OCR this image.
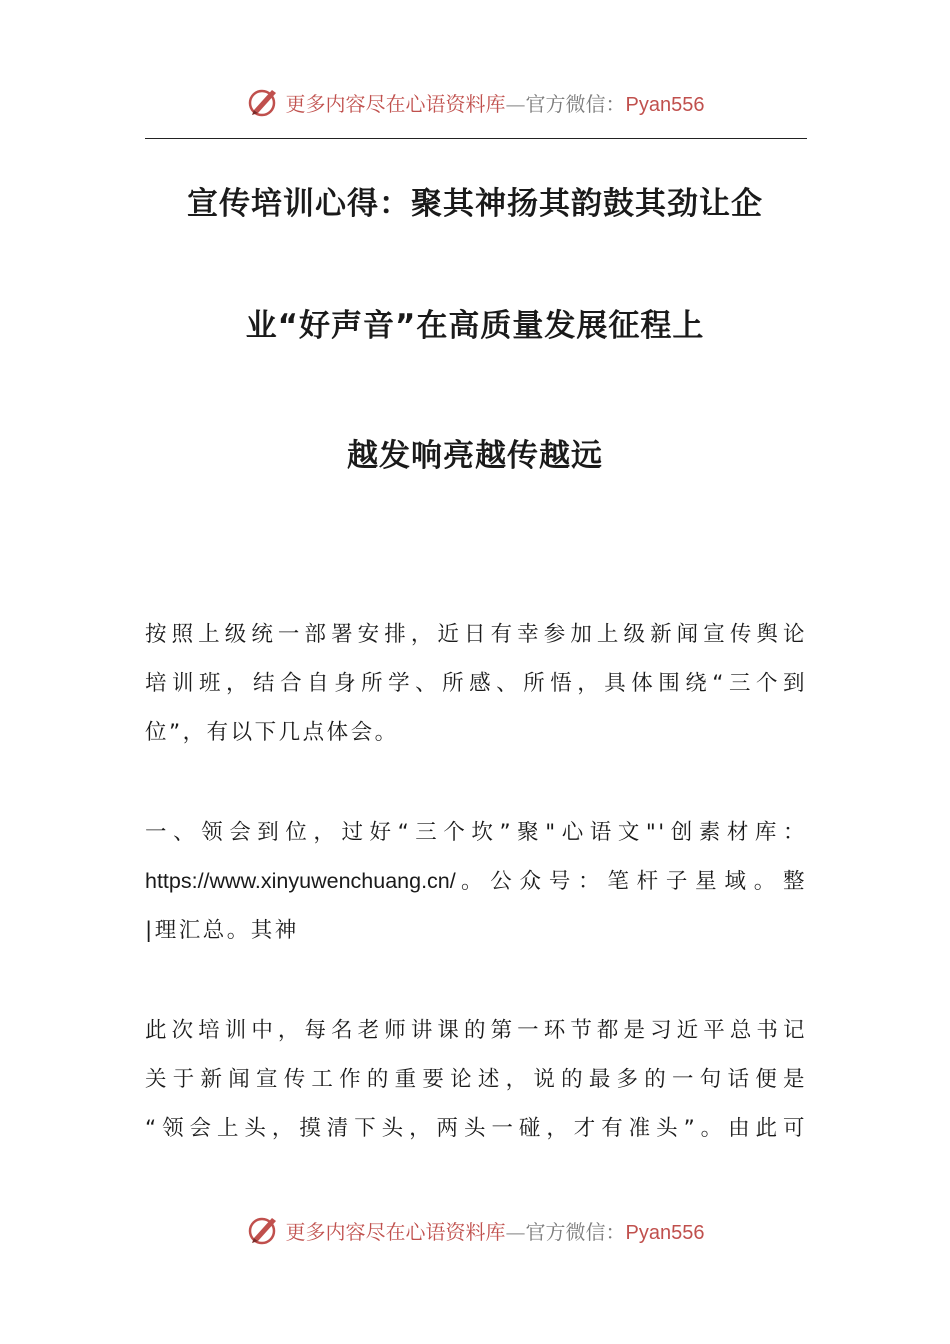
更多内容尽在心语资料库—官方微信：Pyan556
宣传培训心得：聚其神扬其韵鼓其劲让企
业“好声音”在高质量发展征程上
越发响亮越传越远
按照上级统一部署安排，近日有幸参加上级新闻宣传舆论
培训班，结合自身所学、所感、所悟，具体围绕“三个到
位”，有以下几点体会。
一、领会到位，过好“三个坎”聚"心语文"'创素材库：
https://www.xinyuwenchuang.cn/。公众号：笔杆子星域。整
|理汇总。其神
此次培训中，每名老师讲课的第一环节都是习近平总书记
关于新闻宣传工作的重要论述，说的最多的一句话便是
“领会上头，摸清下头，两头一碰，才有准头”。由此可
更多内容尽在心语资料库—官方微信：Pyan556
